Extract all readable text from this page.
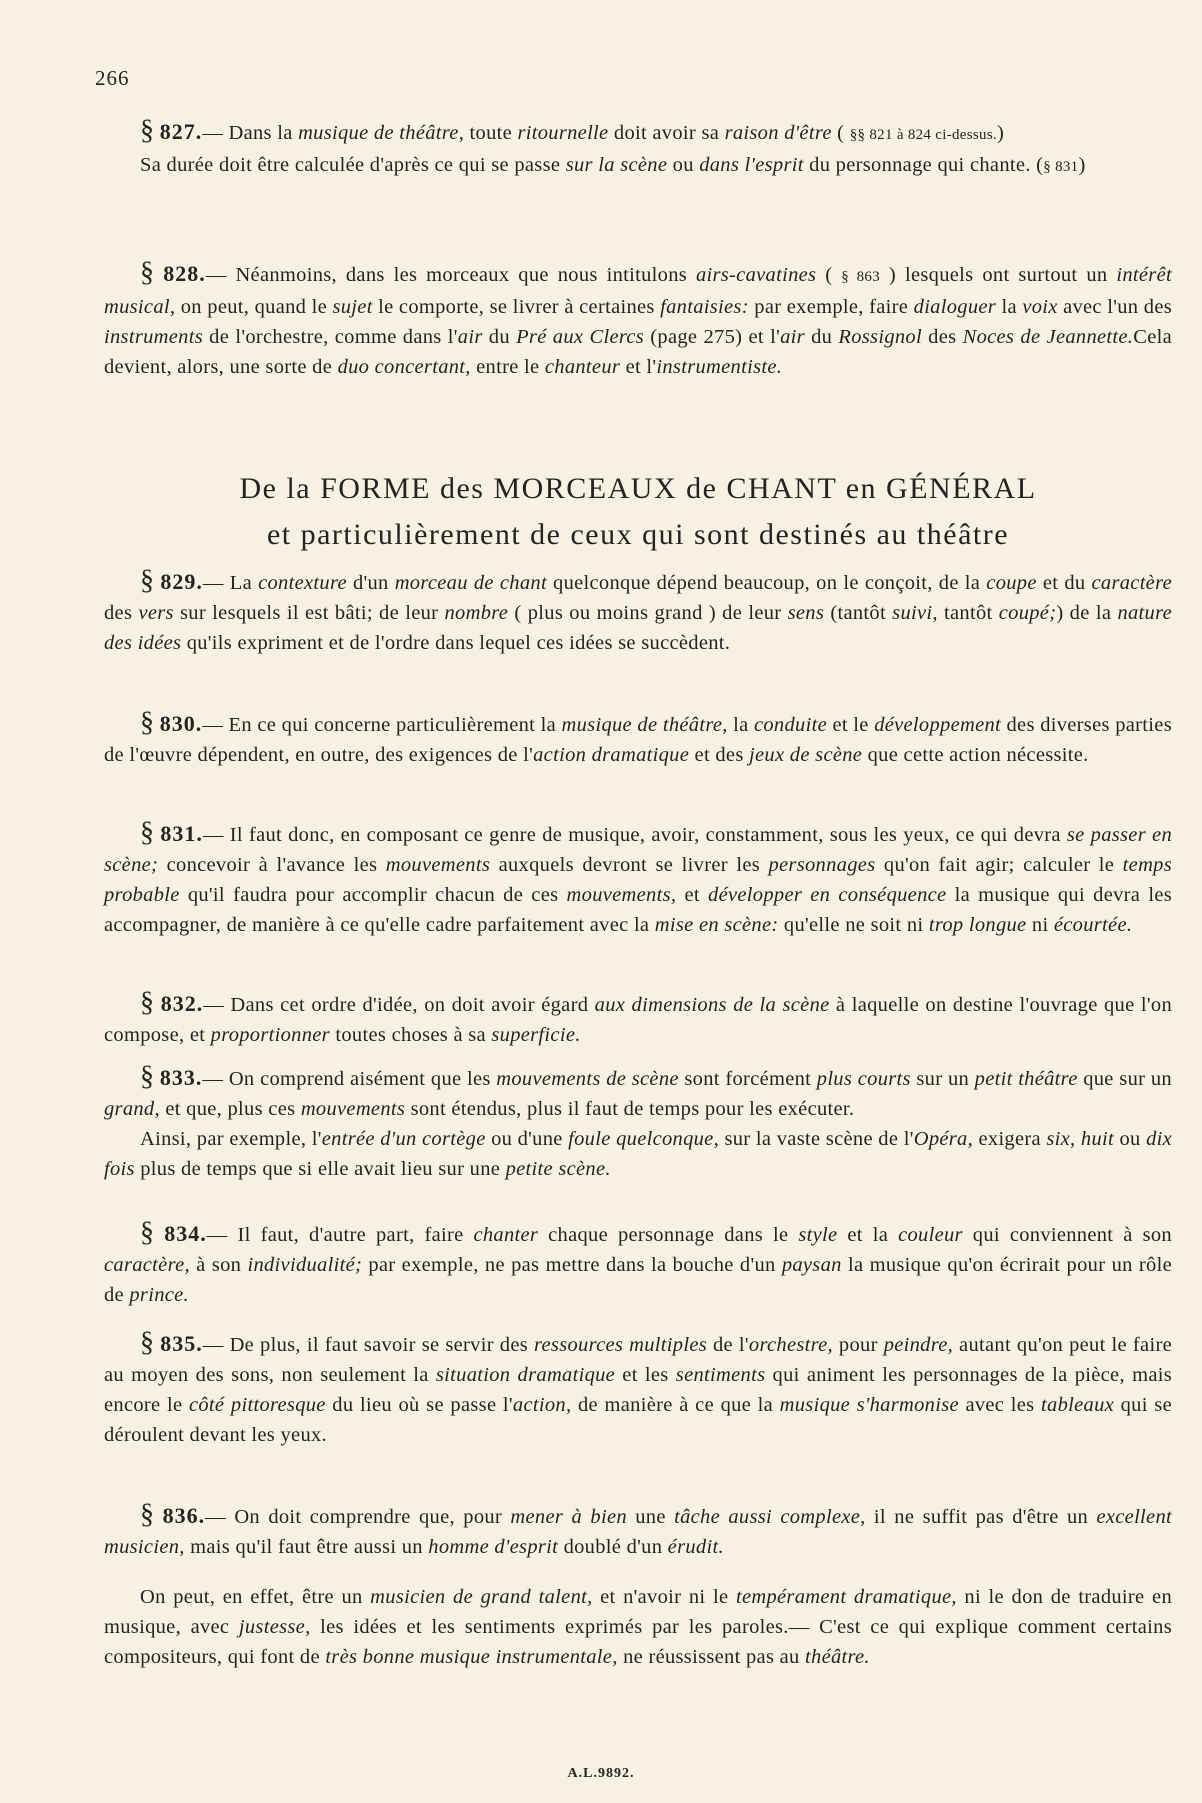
266

§ 827.— Dans la musique de théâtre, toute ritournelle doit avoir sa raison d'être ( §§ 821 à 824 ci-dessus.)

Sa durée doit être calculée d'après ce qui se passe sur la scène ou dans l'esprit du personnage qui chante. (§ 831)

§ 828.— Néanmoins, dans les morceaux que nous intitulons airs-cavatines ( § 863 ) lesquels ont surtout un intérêt musical, on peut, quand le sujet le comporte, se livrer à certaines fantaisies: par exemple, faire dialoguer la voix avec l'un des instruments de l'orchestre, comme dans l'air du Pré aux Clercs (page 275) et l'air du Rossignol des Noces de Jeannette.Cela devient, alors, une sorte de duo concertant, entre le chanteur et l'instrumentiste.

De la FORME des MORCEAUX de CHANT en GÉNÉRAL
et particulièrement de ceux qui sont destinés au théâtre

§ 829.— La contexture d'un morceau de chant quelconque dépend beaucoup, on le conçoit, de la coupe et du caractère des vers sur lesquels il est bâti; de leur nombre ( plus ou moins grand ) de leur sens (tantôt suivi, tantôt coupé;) de la nature des idées qu'ils expriment et de l'ordre dans lequel ces idées se succèdent.

§ 830.— En ce qui concerne particulièrement la musique de théâtre, la conduite et le développement des diverses parties de l'œuvre dépendent, en outre, des exigences de l'action dramatique et des jeux de scène que cette action nécessite.

§ 831.— Il faut donc, en composant ce genre de musique, avoir, constamment, sous les yeux, ce qui devra se passer en scène; concevoir à l'avance les mouvements auxquels devront se livrer les personnages qu'on fait agir; calculer le temps probable qu'il faudra pour accomplir chacun de ces mouvements, et développer en conséquence la musique qui devra les accompagner, de manière à ce qu'elle cadre parfaitement avec la mise en scène: qu'elle ne soit ni trop longue ni écourtée.

§ 832.— Dans cet ordre d'idée, on doit avoir égard aux dimensions de la scène à laquelle on destine l'ouvrage que l'on compose, et proportionner toutes choses à sa superficie.

§ 833.— On comprend aisément que les mouvements de scène sont forcément plus courts sur un petit théâtre que sur un grand, et que, plus ces mouvements sont étendus, plus il faut de temps pour les exécuter.

Ainsi, par exemple, l'entrée d'un cortège ou d'une foule quelconque, sur la vaste scène de l'Opéra, exigera six, huit ou dix fois plus de temps que si elle avait lieu sur une petite scène.

§ 834.— Il faut, d'autre part, faire chanter chaque personnage dans le style et la couleur qui conviennent à son caractère, à son individualité; par exemple, ne pas mettre dans la bouche d'un paysan la musique qu'on écrirait pour un rôle de prince.

§ 835.— De plus, il faut savoir se servir des ressources multiples de l'orchestre, pour peindre, autant qu'on peut le faire au moyen des sons, non seulement la situation dramatique et les sentiments qui animent les personnages de la pièce, mais encore le côté pittoresque du lieu où se passe l'action, de manière à ce que la musique s'harmonise avec les tableaux qui se déroulent devant les yeux.

§ 836.— On doit comprendre que, pour mener à bien une tâche aussi complexe, il ne suffit pas d'être un excellent musicien, mais qu'il faut être aussi un homme d'esprit doublé d'un érudit.

On peut, en effet, être un musicien de grand talent, et n'avoir ni le tempérament dramatique, ni le don de traduire en musique, avec justesse, les idées et les sentiments exprimés par les paroles.— C'est ce qui explique comment certains compositeurs, qui font de très bonne musique instrumentale, ne réussissent pas au théâtre.

A.L.9892.
